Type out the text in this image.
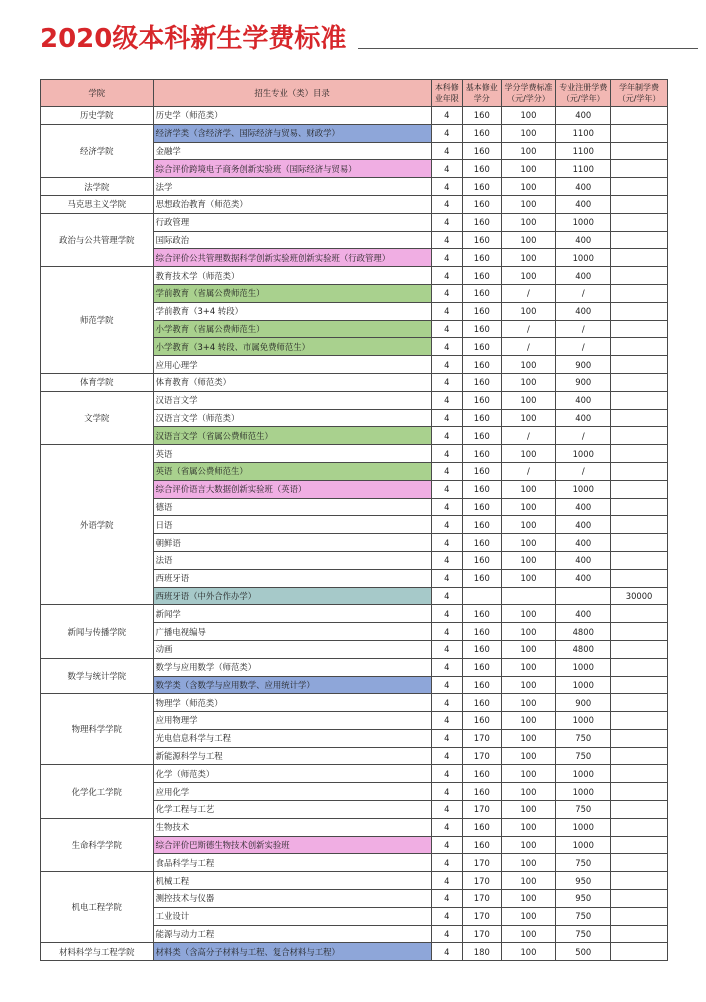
2020级本科新生学费标准
学院	招生专业（类）目录	本科修业年限	基本修业学分	学分学费标准（元/学分）	专业注册学费（元/学年）	学年制学费（元/学年）
历史学院	历史学（师范类）	4	160	100	400	
经济学院	经济学类（含经济学、国际经济与贸易、财政学）	4	160	100	1100	
	金融学	4	160	100	1100	
	综合评价跨境电子商务创新实验班（国际经济与贸易）	4	160	100	1100	
法学院	法学	4	160	100	400	
马克思主义学院	思想政治教育（师范类）	4	160	100	400	
政治与公共管理学院	行政管理	4	160	100	1000	
	国际政治	4	160	100	400	
	综合评价公共管理数据科学创新实验班创新实验班（行政管理）	4	160	100	1000	
师范学院	教育技术学（师范类）	4	160	100	400	
	学前教育（省属公费师范生）	4	160	/	/	
	学前教育（3+4 转段）	4	160	100	400	
	小学教育（省属公费师范生）	4	160	/	/	
	小学教育（3+4 转段、市属免费师范生）	4	160	/	/	
	应用心理学	4	160	100	900	
体育学院	体育教育（师范类）	4	160	100	900	
文学院	汉语言文学	4	160	100	400	
	汉语言文学（师范类）	4	160	100	400	
	汉语言文学（省属公费师范生）	4	160	/	/	
外语学院	英语	4	160	100	1000	
	英语（省属公费师范生）	4	160	/	/	
	综合评价语言大数据创新实验班（英语）	4	160	100	1000	
	德语	4	160	100	400	
	日语	4	160	100	400	
	朝鲜语	4	160	100	400	
	法语	4	160	100	400	
	西班牙语	4	160	100	400	
	西班牙语（中外合作办学）	4				30000
新闻与传播学院	新闻学	4	160	100	400	
	广播电视编导	4	160	100	4800	
	动画	4	160	100	4800	
数学与统计学院	数学与应用数学（师范类）	4	160	100	1000	
	数学类（含数学与应用数学、应用统计学）	4	160	100	1000	
物理科学学院	物理学（师范类）	4	160	100	900	
	应用物理学	4	160	100	1000	
	光电信息科学与工程	4	170	100	750	
	新能源科学与工程	4	170	100	750	
化学化工学院	化学（师范类）	4	160	100	1000	
	应用化学	4	160	100	1000	
	化学工程与工艺	4	170	100	750	
生命科学学院	生物技术	4	160	100	1000	
	综合评价巴斯德生物技术创新实验班	4	160	100	1000	
	食品科学与工程	4	170	100	750	
机电工程学院	机械工程	4	170	100	950	
	测控技术与仪器	4	170	100	950	
	工业设计	4	170	100	750	
	能源与动力工程	4	170	100	750	
材料科学与工程学院	材料类（含高分子材料与工程、复合材料与工程）	4	180	100	500	
